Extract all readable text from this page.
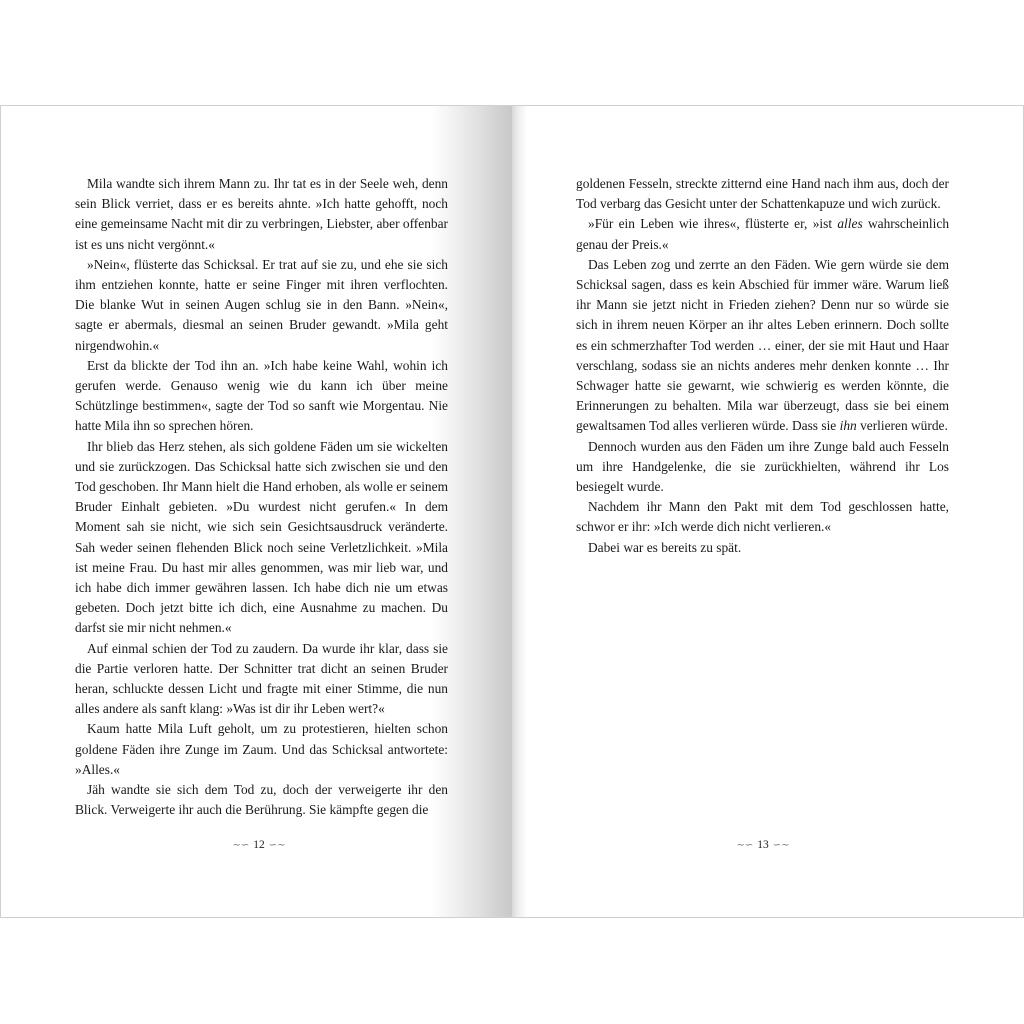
Mila wandte sich ihrem Mann zu. Ihr tat es in der Seele weh, denn sein Blick verriet, dass er es bereits ahnte. »Ich hatte gehofft, noch eine gemeinsame Nacht mit dir zu verbringen, Liebster, aber offenbar ist es uns nicht vergönnt.«

»Nein«, flüsterte das Schicksal. Er trat auf sie zu, und ehe sie sich ihm entziehen konnte, hatte er seine Finger mit ihren verflochten. Die blanke Wut in seinen Augen schlug sie in den Bann. »Nein«, sagte er abermals, diesmal an seinen Bruder gewandt. »Mila geht nirgendwohin.«

Erst da blickte der Tod ihn an. »Ich habe keine Wahl, wohin ich gerufen werde. Genauso wenig wie du kann ich über meine Schützlinge bestimmen«, sagte der Tod so sanft wie Morgentau. Nie hatte Mila ihn so sprechen hören.

Ihr blieb das Herz stehen, als sich goldene Fäden um sie wickelten und sie zurückzogen. Das Schicksal hatte sich zwischen sie und den Tod geschoben. Ihr Mann hielt die Hand erhoben, als wolle er seinem Bruder Einhalt gebieten. »Du wurdest nicht gerufen.« In dem Moment sah sie nicht, wie sich sein Gesichtsausdruck veränderte. Sah weder seinen flehenden Blick noch seine Verletzlichkeit. »Mila ist meine Frau. Du hast mir alles genommen, was mir lieb war, und ich habe dich immer gewähren lassen. Ich habe dich nie um etwas gebeten. Doch jetzt bitte ich dich, eine Ausnahme zu machen. Du darfst sie mir nicht nehmen.«

Auf einmal schien der Tod zu zaudern. Da wurde ihr klar, dass sie die Partie verloren hatte. Der Schnitter trat dicht an seinen Bruder heran, schluckte dessen Licht und fragte mit einer Stimme, die nun alles andere als sanft klang: »Was ist dir ihr Leben wert?«

Kaum hatte Mila Luft geholt, um zu protestieren, hielten schon goldene Fäden ihre Zunge im Zaum. Und das Schicksal antwortete: »Alles.«

Jäh wandte sie sich dem Tod zu, doch der verweigerte ihr den Blick. Verweigerte ihr auch die Berührung. Sie kämpfte gegen die

∼∽ 12 ∽∼

goldenen Fesseln, streckte zitternd eine Hand nach ihm aus, doch der Tod verbarg das Gesicht unter der Schattenkapuze und wich zurück.

»Für ein Leben wie ihres«, flüsterte er, »ist alles wahrscheinlich genau der Preis.«

Das Leben zog und zerrte an den Fäden. Wie gern würde sie dem Schicksal sagen, dass es kein Abschied für immer wäre. Warum ließ ihr Mann sie jetzt nicht in Frieden ziehen? Denn nur so würde sie sich in ihrem neuen Körper an ihr altes Leben erinnern. Doch sollte es ein schmerzhafter Tod werden … einer, der sie mit Haut und Haar verschlang, sodass sie an nichts anderes mehr denken konnte … Ihr Schwager hatte sie gewarnt, wie schwierig es werden könnte, die Erinnerungen zu behalten. Mila war überzeugt, dass sie bei einem gewaltsamen Tod alles verlieren würde. Dass sie ihn verlieren würde.

Dennoch wurden aus den Fäden um ihre Zunge bald auch Fesseln um ihre Handgelenke, die sie zurückhielten, während ihr Los besiegelt wurde.

Nachdem ihr Mann den Pakt mit dem Tod geschlossen hatte, schwor er ihr: »Ich werde dich nicht verlieren.«

Dabei war es bereits zu spät.

∼∽ 13 ∽∼
